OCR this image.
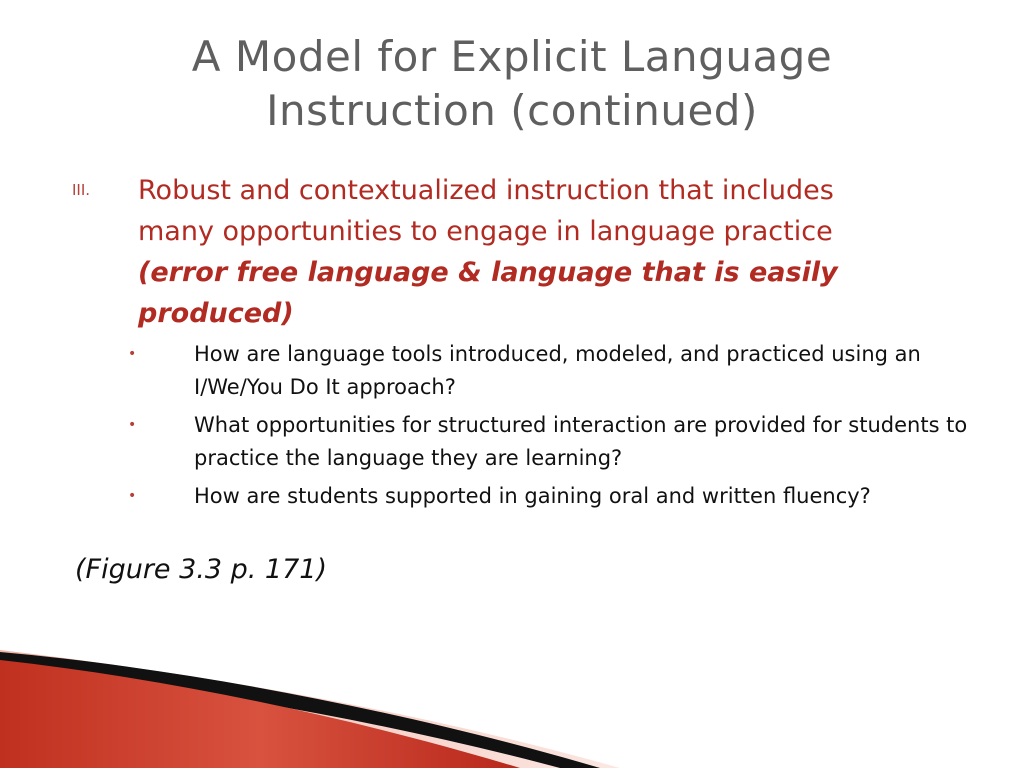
A Model for Explicit Language
Instruction (continued)
III. Robust and contextualized instruction that includes many opportunities to engage in language practice (error free language & language that is easily produced)
•	How are language tools introduced, modeled, and practiced using an I/We/You Do It approach?
•	What opportunities for structured interaction are provided for students to practice the language they are learning?
•	How are students supported in gaining oral and written fluency?
(Figure 3.3 p. 171)
